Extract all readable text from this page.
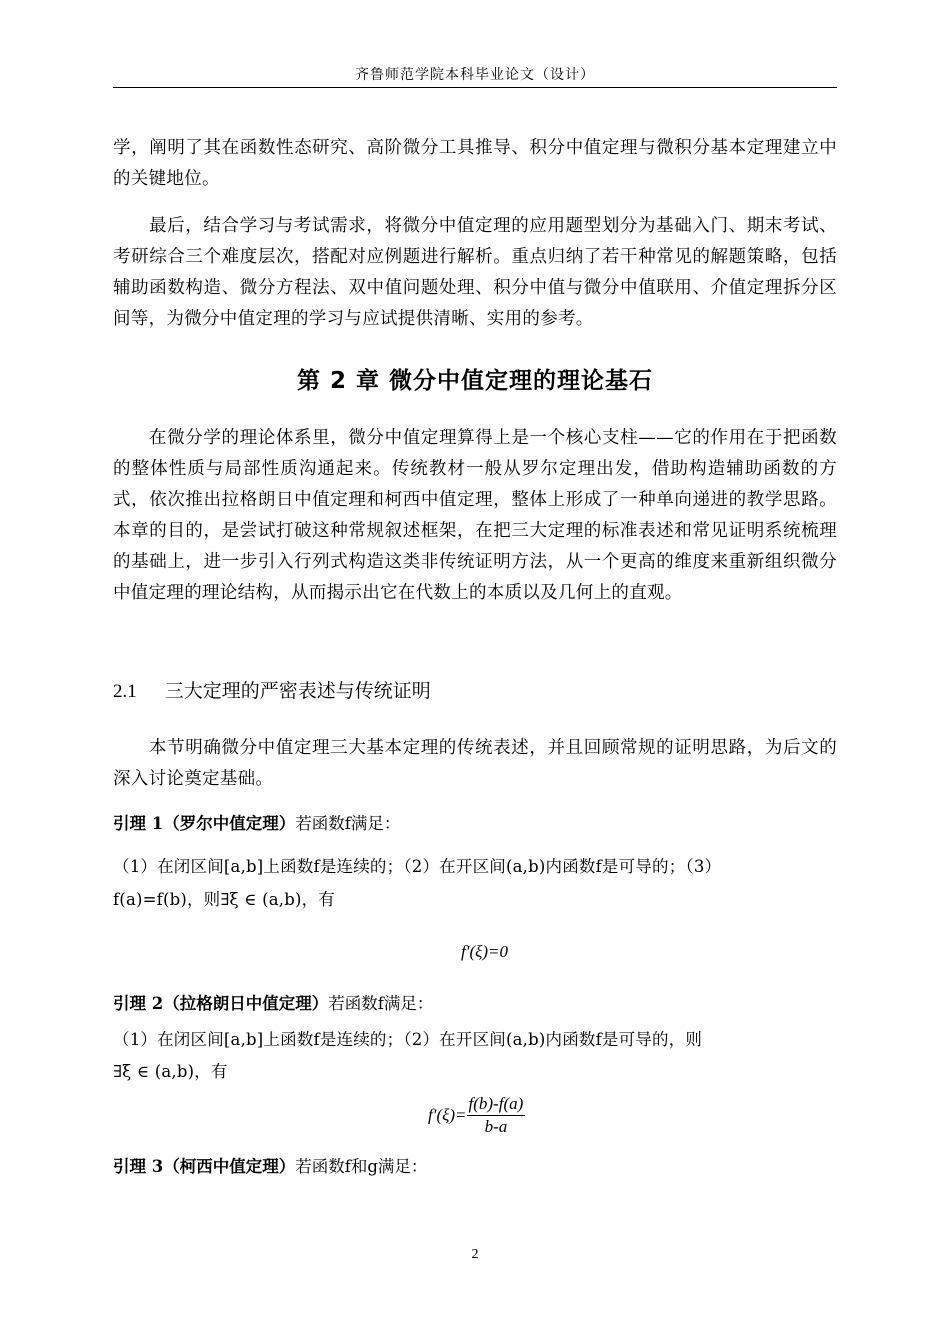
齐鲁师范学院本科毕业论文（设计）

学，阐明了其在函数性态研究、高阶微分工具推导、积分中值定理与微积分基本定理建立中的关键地位。

最后，结合学习与考试需求，将微分中值定理的应用题型划分为基础入门、期末考试、考研综合三个难度层次，搭配对应例题进行解析。重点归纳了若干种常见的解题策略，包括辅助函数构造、微分方程法、双中值问题处理、积分中值与微分中值联用、介值定理拆分区间等，为微分中值定理的学习与应试提供清晰、实用的参考。

第 2 章 微分中值定理的理论基石

在微分学的理论体系里，微分中值定理算得上是一个核心支柱——它的作用在于把函数的整体性质与局部性质沟通起来。传统教材一般从罗尔定理出发，借助构造辅助函数的方式，依次推出拉格朗日中值定理和柯西中值定理，整体上形成了一种单向递进的教学思路。本章的目的，是尝试打破这种常规叙述框架，在把三大定理的标准表述和常见证明系统梳理的基础上，进一步引入行列式构造这类非传统证明方法，从一个更高的维度来重新组织微分中值定理的理论结构，从而揭示出它在代数上的本质以及几何上的直观。

2.1 三大定理的严密表述与传统证明

本节明确微分中值定理三大基本定理的传统表述，并且回顾常规的证明思路，为后文的深入讨论奠定基础。

引理 1（罗尔中值定理）若函数f满足：
（1）在闭区间[a,b]上函数f是连续的；（2）在开区间(a,b)内函数f是可导的；（3）
f(a)=f(b)，则∃ξ ∈ (a,b)，有
f′(ξ)=0
引理 2（拉格朗日中值定理）若函数f满足：
（1）在闭区间[a,b]上函数f是连续的；（2）在开区间(a,b)内函数f是可导的，则
∃ξ ∈ (a,b)，有
$f'(\xi)= \frac{f(b)-f(a)}{b-a}$
引理 3（柯西中值定理）若函数f和g满足：
2
